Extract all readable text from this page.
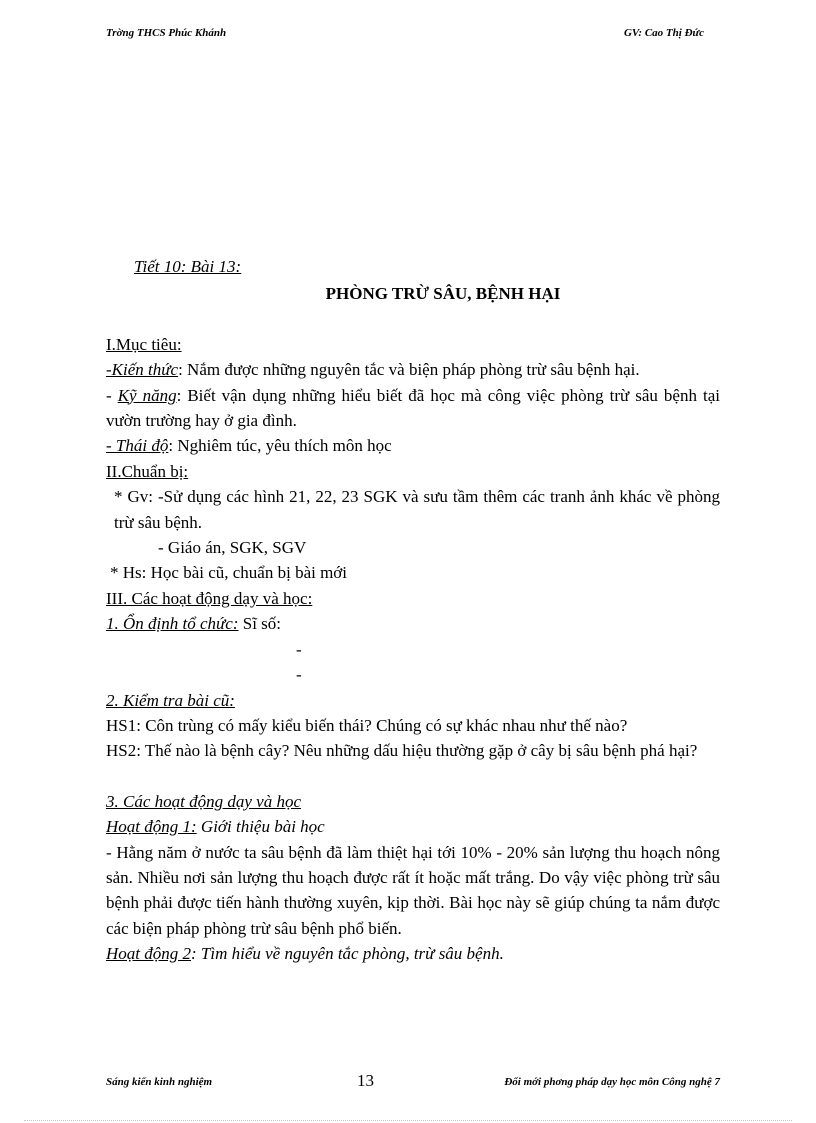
Trờng THCS Phúc Khánh	GV: Cao Thị Đức

Tiết 10: Bài 13:

PHÒNG TRỪ SÂU, BỆNH HẠI

I.Mục tiêu:

-Kiến thức: Nắm được những nguyên tắc và biện pháp phòng trừ sâu bệnh hại.

- Kỹ năng: Biết vận dụng những hiểu biết đã học mà công việc phòng trừ sâu bệnh tại vườn trường hay ở gia đình.

- Thái độ: Nghiêm túc, yêu thích môn học

II.Chuẩn bị:

* Gv: -Sử dụng các hình 21, 22, 23 SGK và sưu tầm thêm các tranh ảnh khác về phòng trừ sâu bệnh.

- Giáo án, SGK, SGV

* Hs: Học bài cũ, chuẩn bị bài mới

III. Các hoạt động dạy và học:

1. Ổn định tổ chức: Sĩ số:

-

-

2. Kiểm tra bài cũ:

HS1: Côn trùng có mấy kiểu biến thái? Chúng có sự khác nhau như thế nào?

HS2: Thế nào là bệnh cây? Nêu những dấu hiệu thường gặp ở cây bị sâu bệnh phá hại?

3. Các hoạt động dạy và học

Hoạt động 1: Giới thiệu bài học

- Hằng năm ở nước ta sâu bệnh đã làm thiệt hại tới 10% - 20% sản lượng thu hoạch nông sản. Nhiều nơi sản lượng thu hoạch được rất ít hoặc mất trắng. Do vậy việc phòng trừ sâu bệnh phải được tiến hành thường xuyên, kịp thời. Bài học này sẽ giúp chúng ta nắm được các biện pháp phòng trừ sâu bệnh phổ biến.

Hoạt động 2: Tìm hiểu về nguyên tắc phòng, trừ sâu bệnh.

Sáng kiến kinh nghiệm	13	Đổi mới phơng pháp dạy học môn Công nghệ 7
